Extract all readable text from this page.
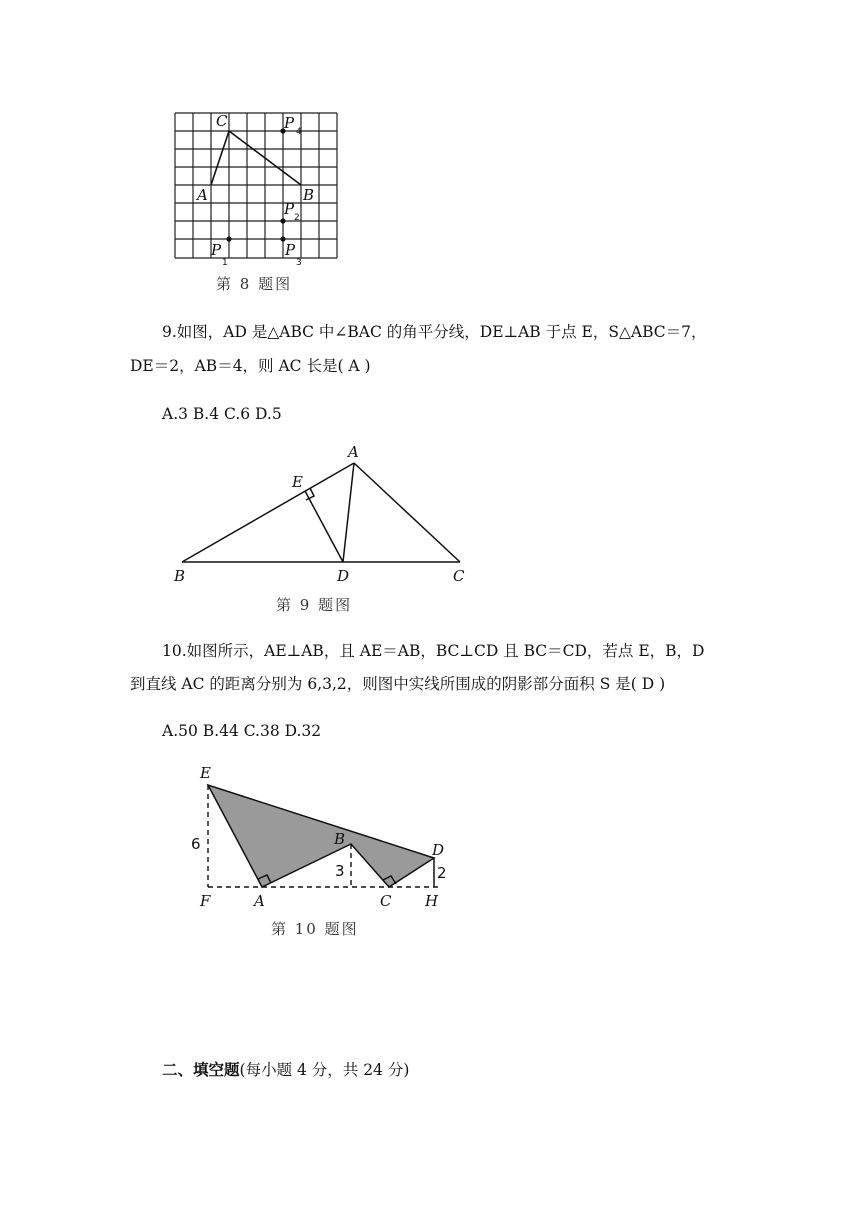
C
A	B
P 4
P 2
P
1
P
3
第 8 题图
9.如图，AD 是△ABC 中∠BAC 的角平分线，DE⊥AB 于点 E，S△ABC＝7，
DE＝2，AB＝4，则 AC 长是( A )
A.3 B.4 C.6 D.5
A
E
B	D	C
第 9 题图
10.如图所示，AE⊥AB，且 AE＝AB，BC⊥CD 且 BC＝CD，若点 E，B，D
到直线 AC 的距离分别为 6,3,2，则图中实线所围成的阴影部分面积 S 是( D )
A.50 B.44 C.38 D.32
E
F	A
B
C
D
H
6
3	2
第 10 题图
二、填空题(每小题 4 分，共 24 分)
